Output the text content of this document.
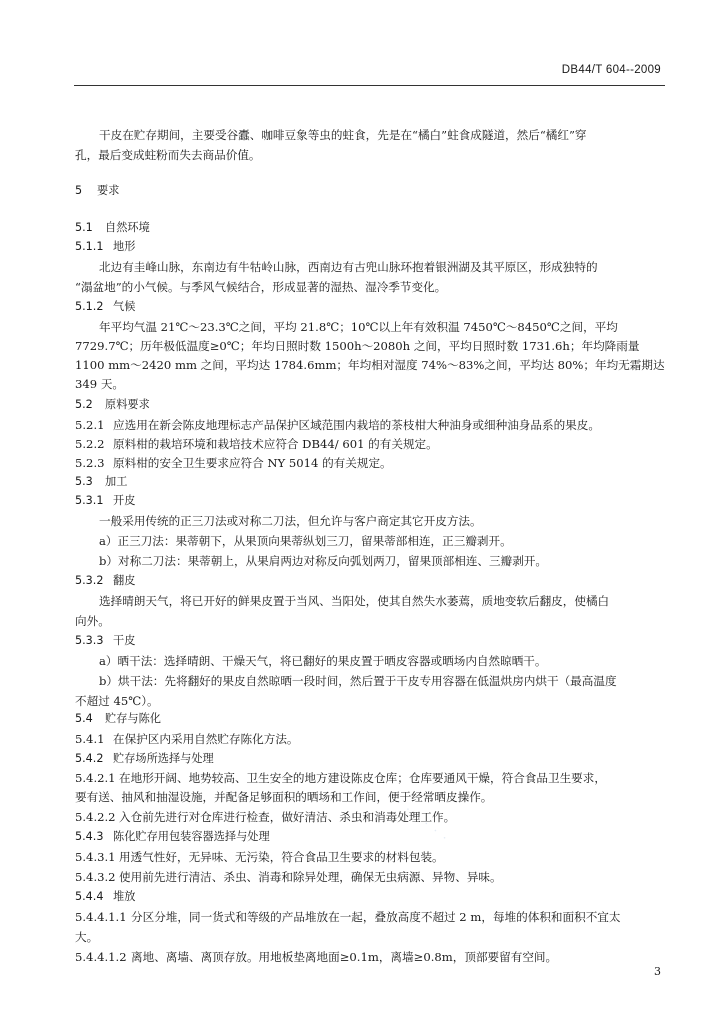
DB44/T 604--2009
· · · · · · ·
干皮在贮存期间，主要受谷蠹、咖啡豆象等虫的蛀食，先是在“橘白”蛀食成隧道，然后“橘红”穿
孔，最后变成蛀粉而失去商品价值。
5 要求
5.1 自然环境
5.1.1 地形
北边有圭峰山脉，东南边有牛牯岭山脉，西南边有古兜山脉环抱着银洲湖及其平原区，形成独特的
“溻盆地”的小气候。与季风气候结合，形成显著的湿热、湿冷季节变化。
5.1.2 气候
年平均气温 21℃～23.3℃之间，平均 21.8℃；10℃以上年有效积温 7450℃～8450℃之间，平均
7729.7℃；历年极低温度≥0℃；年均日照时数 1500h～2080h 之间，平均日照时数 1731.6h；年均降雨量
1100 mm～2420 mm 之间，平均达 1784.6mm；年均相对湿度 74%～83%之间，平均达 80%；年均无霜期达
349 天。
5.2 原料要求
5.2.1 应选用在新会陈皮地理标志产品保护区域范围内栽培的茶枝柑大种油身或细种油身品系的果皮。
5.2.2 原料柑的栽培环境和栽培技术应符合 DB44/ 601 的有关规定。
5.2.3 原料柑的安全卫生要求应符合 NY 5014 的有关规定。
5.3 加工
5.3.1 开皮
一般采用传统的正三刀法或对称二刀法，但允许与客户商定其它开皮方法。
a）正三刀法：果蒂朝下，从果顶向果蒂纵划三刀，留果蒂部相连，正三瓣剥开。
b）对称二刀法：果蒂朝上，从果肩两边对称反向弧划两刀，留果顶部相连、三瓣剥开。
5.3.2 翻皮
选择晴朗天气，将已开好的鲜果皮置于当风、当阳处，使其自然失水萎蔫，质地变软后翻皮，使橘白
向外。
5.3.3 干皮
a）晒干法：选择晴朗、干燥天气，将已翻好的果皮置于晒皮容器或晒场内自然晾晒干。
b）烘干法：先将翻好的果皮自然晾晒一段时间，然后置于干皮专用容器在低温烘房内烘干（最高温度
不超过 45℃）。
5.4 贮存与陈化
5.4.1 在保护区内采用自然贮存陈化方法。
5.4.2 贮存场所选择与处理
5.4.2.1 在地形开阔、地势较高、卫生安全的地方建设陈皮仓库；仓库要通风干燥，符合食品卫生要求，
要有送、抽风和抽湿设施，并配备足够面积的晒场和工作间，便于经常晒皮操作。
5.4.2.2 入仓前先进行对仓库进行检查，做好清洁、杀虫和消毒处理工作。
5.4.3 陈化贮存用包装容器选择与处理
5.4.3.1 用透气性好，无异味、无污染，符合食品卫生要求的材料包装。
5.4.3.2 使用前先进行清洁、杀虫、消毒和除异处理，确保无虫病源、异物、异味。
5.4.4 堆放
5.4.4.1.1 分区分堆，同一货式和等级的产品堆放在一起，叠放高度不超过 2 m，每堆的体积和面积不宜太
大。
5.4.4.1.2 离地、离墙、离顶存放。用地板垫离地面≥0.1m，离墙≥0.8m，顶部要留有空间。
3
